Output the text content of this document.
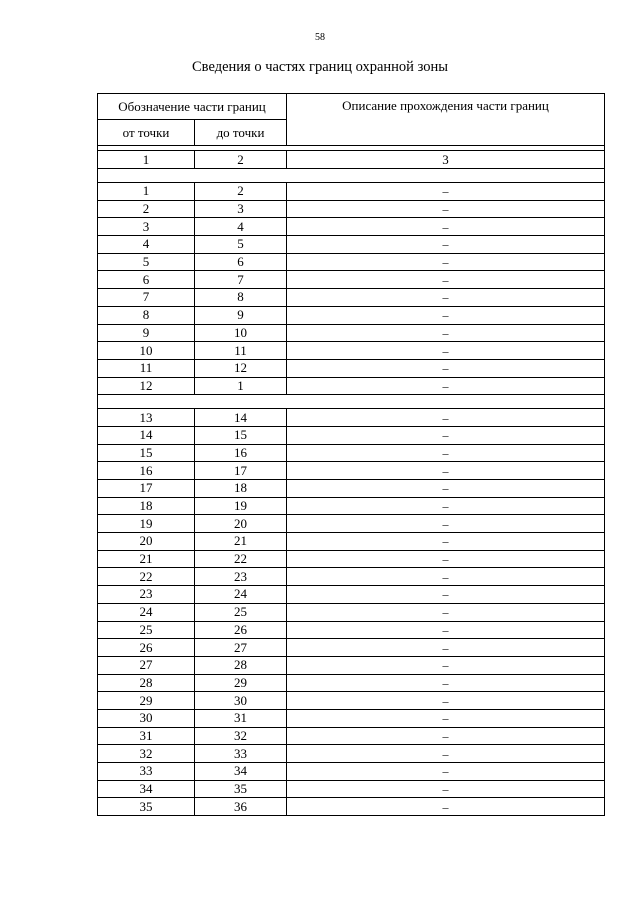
58
Сведения о частях границ охранной зоны
Обозначение части границ		Описание прохождения части границ
от точки	до точки	

1	2	3

1	2	–
2	3	–
3	4	–
4	5	–
5	6	–
6	7	–
7	8	–
8	9	–
9	10	–
10	11	–
11	12	–
12	1	–

13	14	–
14	15	–
15	16	–
16	17	–
17	18	–
18	19	–
19	20	–
20	21	–
21	22	–
22	23	–
23	24	–
24	25	–
25	26	–
26	27	–
27	28	–
28	29	–
29	30	–
30	31	–
31	32	–
32	33	–
33	34	–
34	35	–
35	36	–
